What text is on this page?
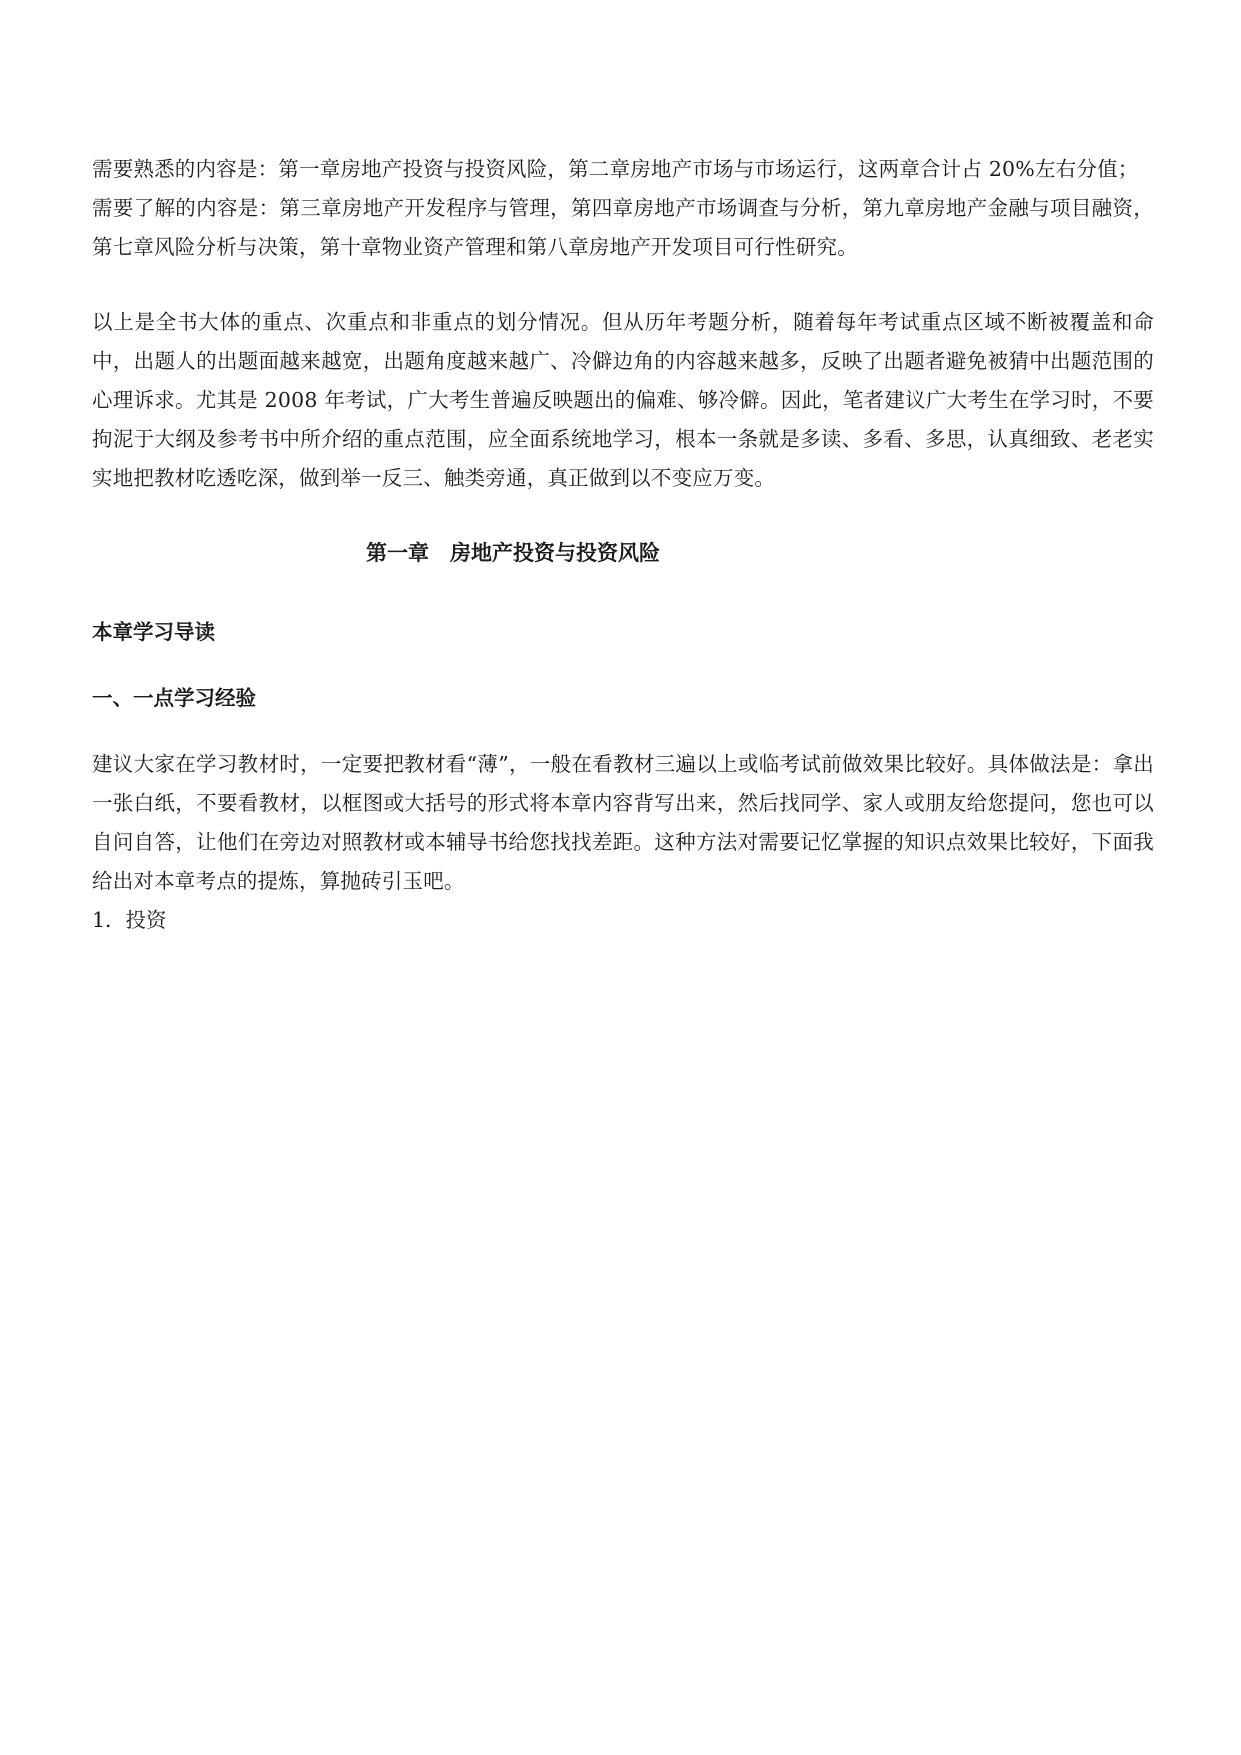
需要熟悉的内容是：第一章房地产投资与投资风险，第二章房地产市场与市场运行，这两章合计占 20%左右分值；

需要了解的内容是：第三章房地产开发程序与管理，第四章房地产市场调查与分析，第九章房地产金融与项目融资，第七章风险分析与决策，第十章物业资产管理和第八章房地产开发项目可行性研究。

以上是全书大体的重点、次重点和非重点的划分情况。但从历年考题分析，随着每年考试重点区域不断被覆盖和命中，出题人的出题面越来越宽，出题角度越来越广、冷僻边角的内容越来越多，反映了出题者避免被猜中出题范围的心理诉求。尤其是 2008 年考试，广大考生普遍反映题出的偏难、够冷僻。因此，笔者建议广大考生在学习时，不要拘泥于大纲及参考书中所介绍的重点范围，应全面系统地学习，根本一条就是多读、多看、多思，认真细致、老老实实地把教材吃透吃深，做到举一反三、触类旁通，真正做到以不变应万变。

第一章　房地产投资与投资风险
本章学习导读
一、一点学习经验

建议大家在学习教材时，一定要把教材看“薄”，一般在看教材三遍以上或临考试前做效果比较好。具体做法是：拿出一张白纸，不要看教材，以框图或大括号的形式将本章内容背写出来，然后找同学、家人或朋友给您提问，您也可以自问自答，让他们在旁边对照教材或本辅导书给您找找差距。这种方法对需要记忆掌握的知识点效果比较好，下面我给出对本章考点的提炼，算抛砖引玉吧。

1．投资
